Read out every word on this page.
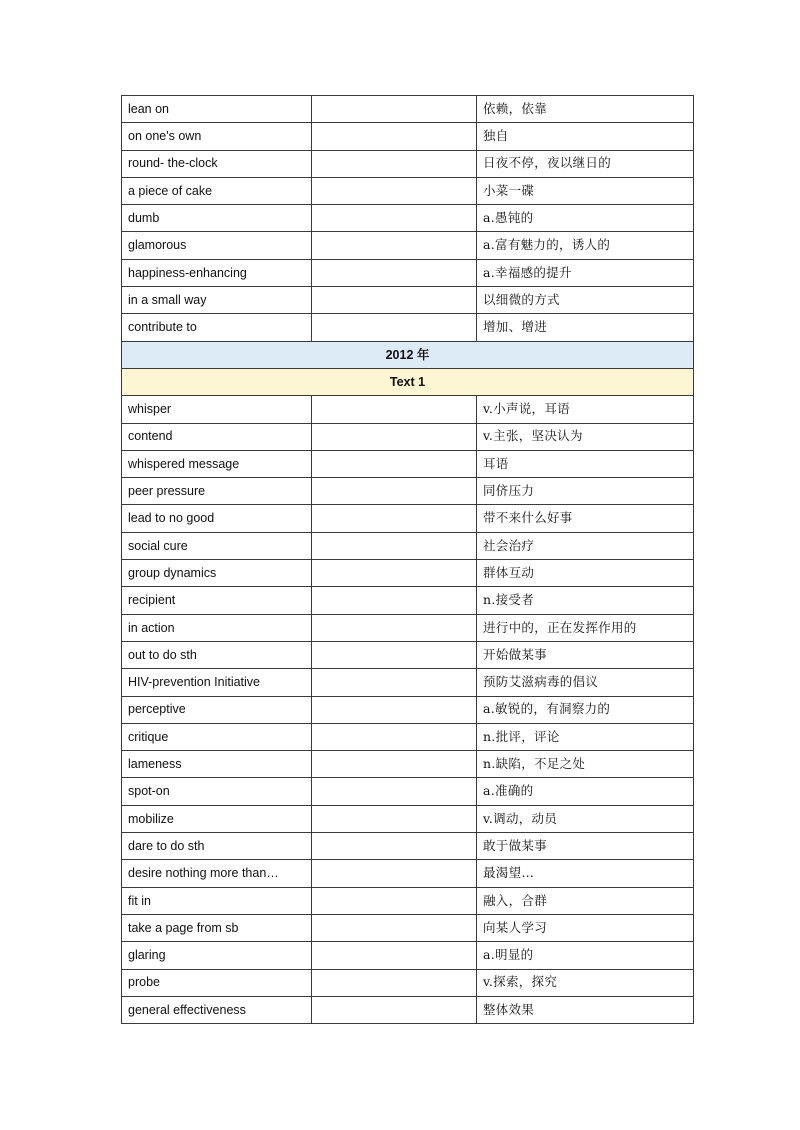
lean on		依赖，依靠
on one's own		独自
round- the-clock		日夜不停，夜以继日的
a piece of cake		小菜一碟
dumb		a.愚钝的
glamorous		a.富有魅力的，诱人的
happiness-enhancing		a.幸福感的提升
in a small way		以细微的方式
contribute to		增加、增进
2012 年		
Text 1		
whisper		v.小声说，耳语
contend		v.主张，坚决认为
whispered message		耳语
peer pressure		同侪压力
lead to no good		带不来什么好事
social cure		社会治疗
group dynamics		群体互动
recipient		n.接受者
in action		进行中的，正在发挥作用的
out to do sth		开始做某事
HIV-prevention Initiative		预防艾滋病毒的倡议
perceptive		a.敏锐的，有洞察力的
critique		n.批评，评论
lameness		n.缺陷，不足之处
spot-on		a.准确的
mobilize		v.调动，动员
dare to do sth		敢于做某事
desire nothing more than…		最渴望…
fit in		融入，合群
take a page from sb		向某人学习
glaring		a.明显的
probe		v.探索，探究
general effectiveness		整体效果
